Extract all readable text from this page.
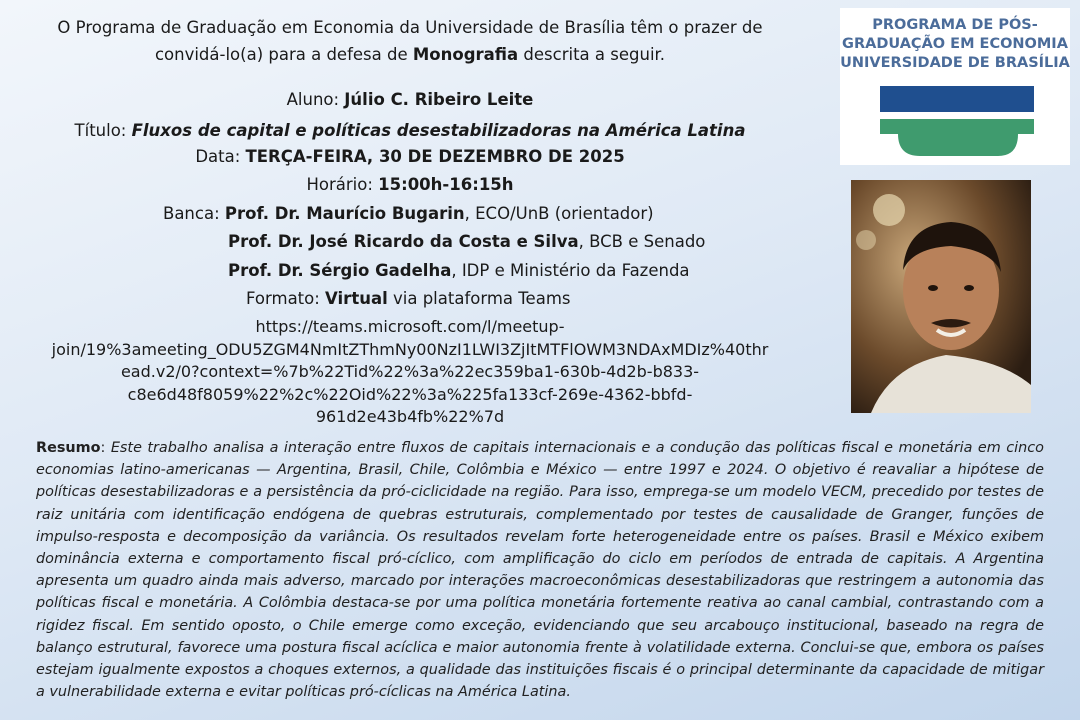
O Programa de Graduação em Economia da Universidade de Brasília têm o prazer de
convidá-lo(a) para a defesa de Monografia descrita a seguir.
Aluno: Júlio C. Ribeiro Leite
Título: Fluxos de capital e políticas desestabilizadoras na América Latina
Data: TERÇA-FEIRA, 30 DE DEZEMBRO DE 2025
Horário: 15:00h-16:15h
Banca: Prof. Dr. Maurício Bugarin, ECO/UnB (orientador)
Prof. Dr. José Ricardo da Costa e Silva, BCB e Senado
Prof. Dr. Sérgio Gadelha, IDP e Ministério da Fazenda
Formato: Virtual via plataforma Teams
https://teams.microsoft.com/l/meetup-
join/19%3ameeting_ODU5ZGM4NmItZThmNy00NzI1LWI3ZjItMTFlOWM3NDAxMDIz%40thr
ead.v2/0?context=%7b%22Tid%22%3a%22ec359ba1-630b-4d2b-b833-
c8e6d48f8059%22%2c%22Oid%22%3a%225fa133cf-269e-4362-bbfd-
961d2e43b4fb%22%7d
Resumo: Este trabalho analisa a interação entre fluxos de capitais internacionais e a condução das políticas fiscal e monetária em cinco economias latino-americanas — Argentina, Brasil, Chile, Colômbia e México — entre 1997 e 2024. O objetivo é reavaliar a hipótese de políticas desestabilizadoras e a persistência da pró-ciclicidade na região. Para isso, emprega-se um modelo VECM, precedido por testes de raiz unitária com identificação endógena de quebras estruturais, complementado por testes de causalidade de Granger, funções de impulso-resposta e decomposição da variância. Os resultados revelam forte heterogeneidade entre os países. Brasil e México exibem dominância externa e comportamento fiscal pró-cíclico, com amplificação do ciclo em períodos de entrada de capitais. A Argentina apresenta um quadro ainda mais adverso, marcado por interações macroeconômicas desestabilizadoras que restringem a autonomia das políticas fiscal e monetária. A Colômbia destaca-se por uma política monetária fortemente reativa ao canal cambial, contrastando com a rigidez fiscal. Em sentido oposto, o Chile emerge como exceção, evidenciando que seu arcabouço institucional, baseado na regra de balanço estrutural, favorece uma postura fiscal acíclica e maior autonomia frente à volatilidade externa. Conclui-se que, embora os países estejam igualmente expostos a choques externos, a qualidade das instituições fiscais é o principal determinante da capacidade de mitigar a vulnerabilidade externa e evitar políticas pró-cíclicas na América Latina.
PROGRAMA DE PÓS-
GRADUAÇÃO EM ECONOMIA
UNIVERSIDADE DE BRASÍLIA
